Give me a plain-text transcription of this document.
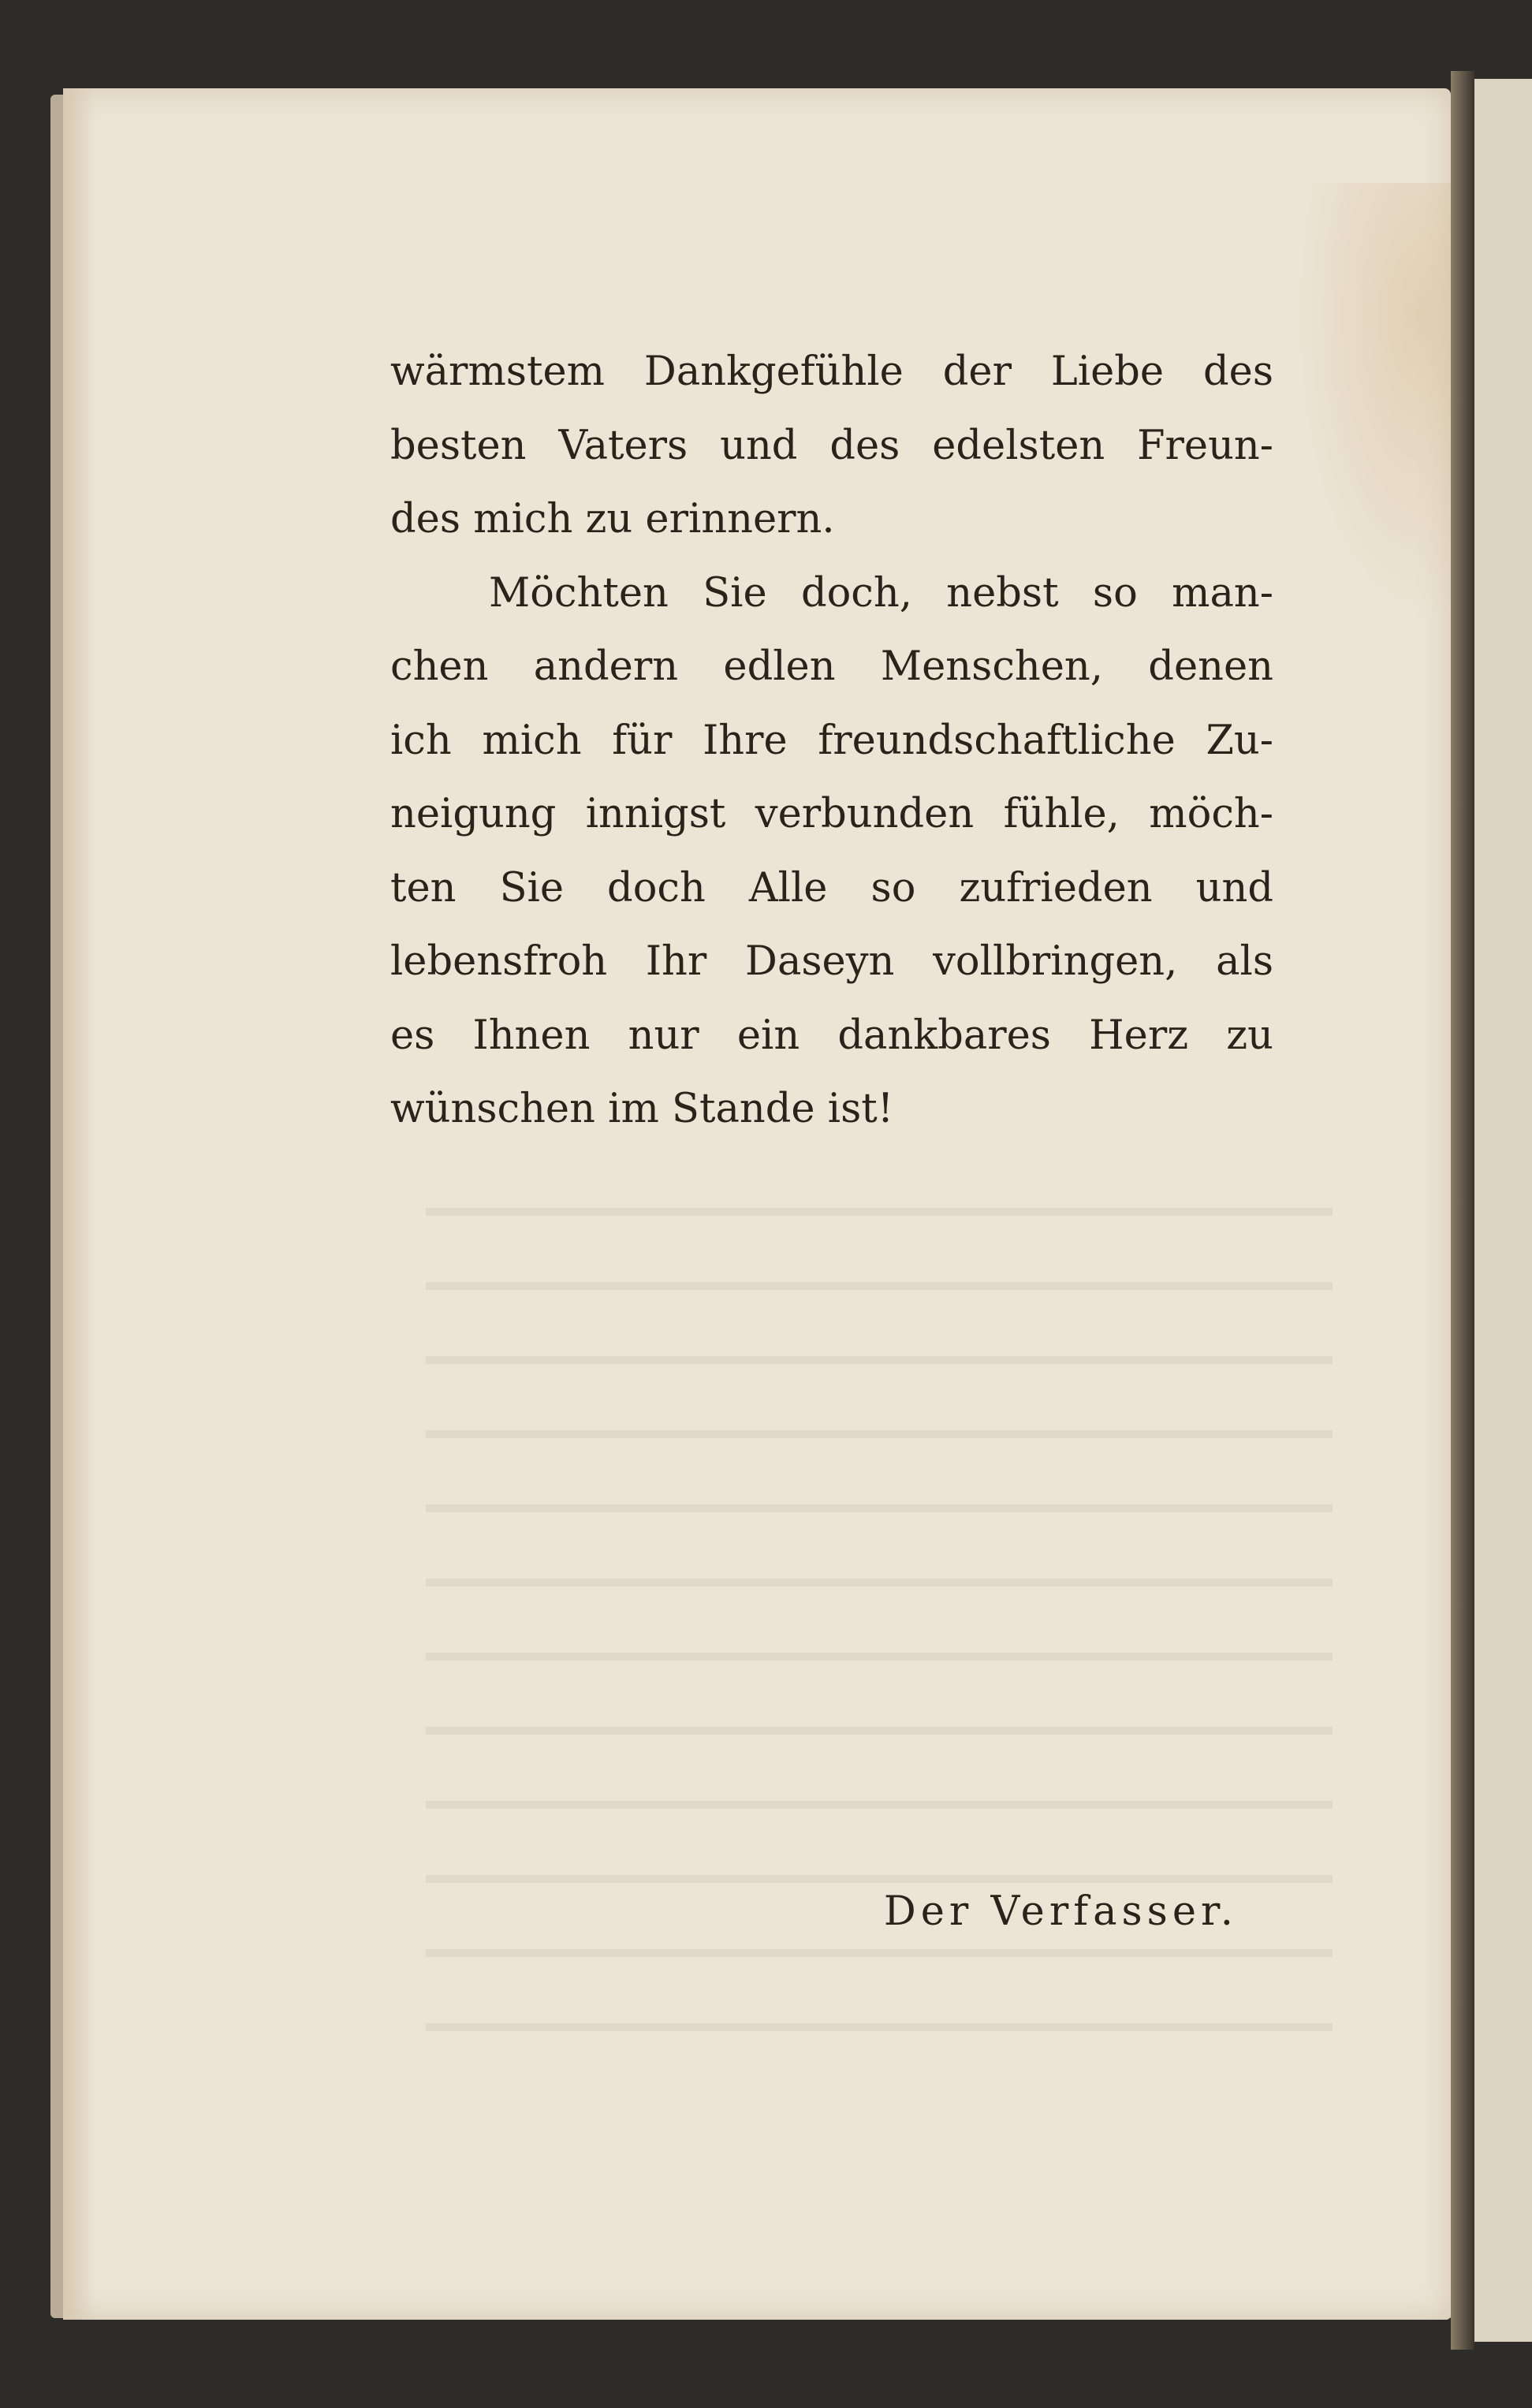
wärmstem Dankgefühle der Liebe des
besten Vaters und des edelsten Freun-
des mich zu erinnern.
Möchten Sie doch, nebst so man-
chen andern edlen Menschen, denen
ich mich für Ihre freundschaftliche Zu-
neigung innigst verbunden fühle, möch-
ten Sie doch Alle so zufrieden und
lebensfroh Ihr Daseyn vollbringen, als
es Ihnen nur ein dankbares Herz zu
wünschen im Stande ist!
Der Verfasser.
